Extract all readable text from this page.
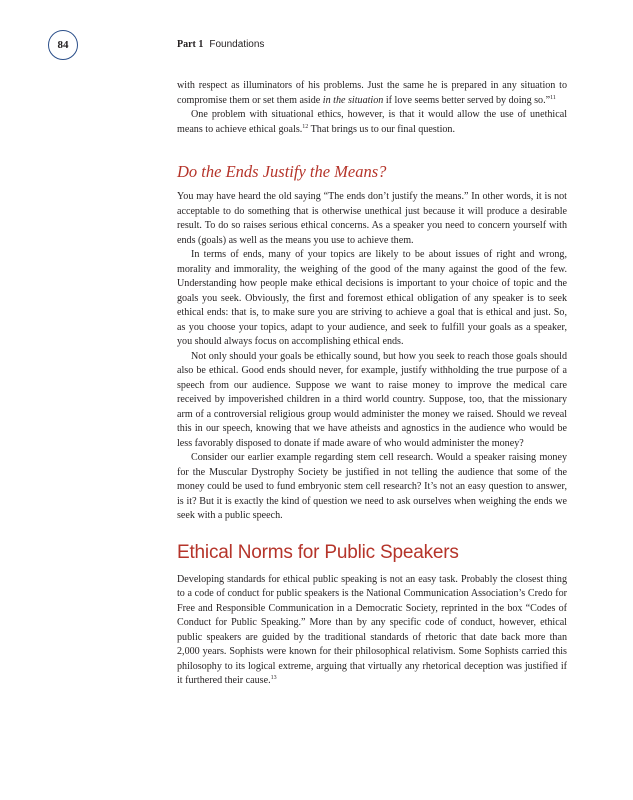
84	Part 1 Foundations

with respect as illuminators of his problems. Just the same he is prepared in any situation to compromise them or set them aside in the situation if love seems better served by doing so.”$^{11}$

One problem with situational ethics, however, is that it would allow the use of unethical means to achieve ethical goals.$^{12}$ That brings us to our final question.

Do the Ends Justify the Means?

You may have heard the old saying “The ends don’t justify the means.” In other words, it is not acceptable to do something that is otherwise unethical just because it will produce a desirable result. To do so raises serious ethical concerns. As a speaker you need to concern yourself with ends (goals) as well as the means you use to achieve them.

In terms of ends, many of your topics are likely to be about issues of right and wrong, morality and immorality, the weighing of the good of the many against the good of the few. Understanding how people make ethical decisions is important to your choice of topic and the goals you seek. Obviously, the first and foremost ethical obligation of any speaker is to seek ethical ends: that is, to make sure you are striving to achieve a goal that is ethical and just. So, as you choose your topics, adapt to your audience, and seek to fulfill your goals as a speaker, you should always focus on accomplishing ethical ends.

Not only should your goals be ethically sound, but how you seek to reach those goals should also be ethical. Good ends should never, for example, justify withholding the true purpose of a speech from our audience. Suppose we want to raise money to improve the medical care received by impoverished children in a third world country. Suppose, too, that the missionary arm of a controversial religious group would administer the money we raised. Should we reveal this in our speech, knowing that we have atheists and agnostics in the audience who would be less favorably disposed to donate if made aware of who would administer the money?

Consider our earlier example regarding stem cell research. Would a speaker raising money for the Muscular Dystrophy Society be justified in not telling the audience that some of the money could be used to fund embryonic stem cell research? It’s not an easy question to answer, is it? But it is exactly the kind of question we need to ask ourselves when weighing the ends we seek with a public speech.

Ethical Norms for Public Speakers

Developing standards for ethical public speaking is not an easy task. Probably the closest thing to a code of conduct for public speakers is the National Communication Association’s Credo for Free and Responsible Communication in a Democratic Society, reprinted in the box “Codes of Conduct for Public Speaking.” More than by any specific code of conduct, however, ethical public speakers are guided by the traditional standards of rhetoric that date back more than 2,000 years. Sophists were known for their philosophical relativism. Some Sophists carried this philosophy to its logical extreme, arguing that virtually any rhetorical deception was justified if it furthered their cause.$^{13}$
